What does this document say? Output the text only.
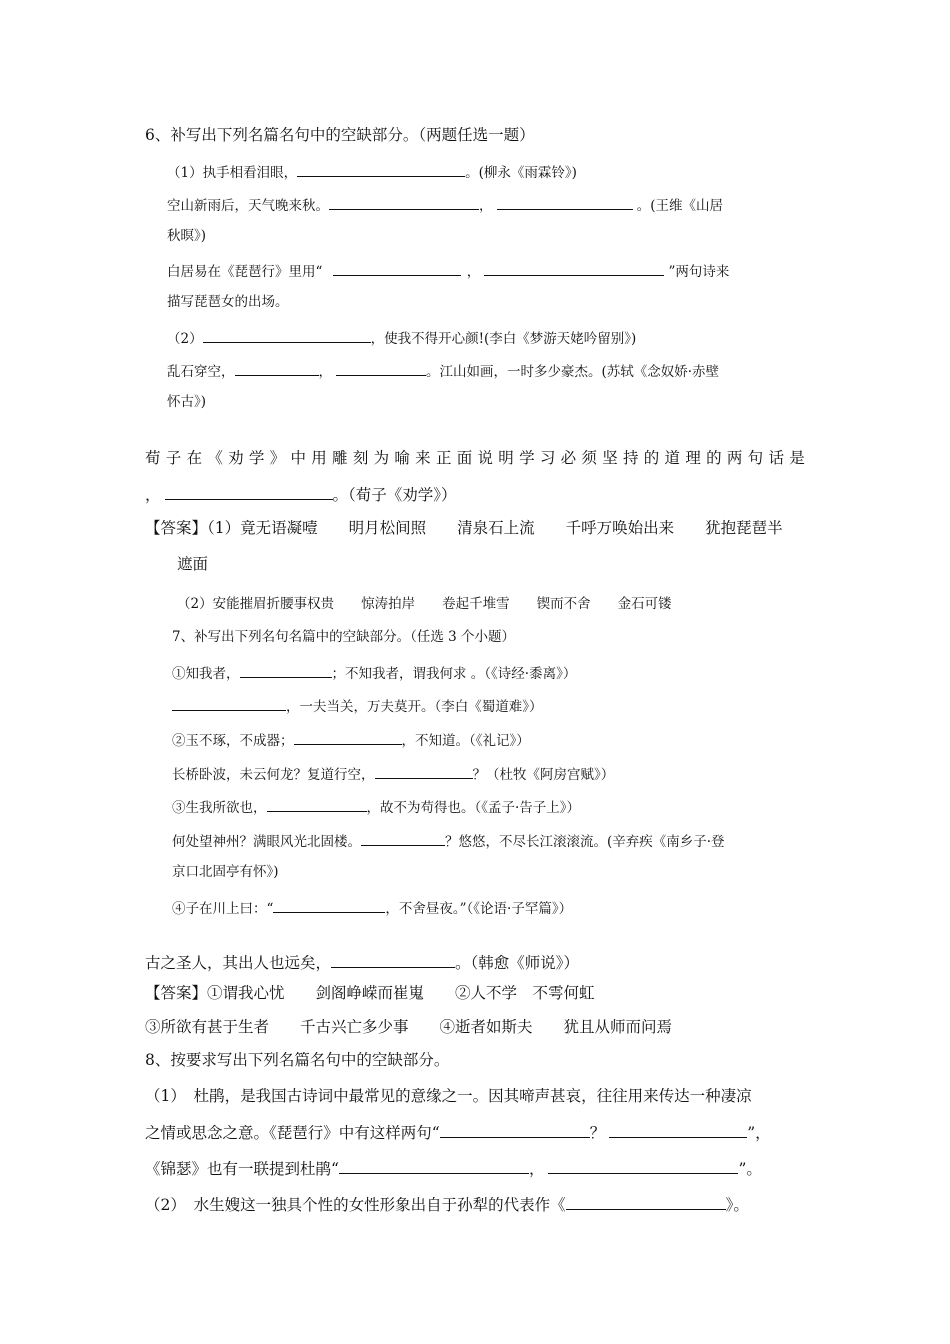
6、补写出下列名篇名句中的空缺部分。（两题任选一题）
（1）执手相看泪眼，	。(柳永《雨霖铃》)
空山新雨后，天气晚来秋。	，	。(王维《山居
秋暝》)
白居易在《琵琶行》里用“	，	”两句诗来
描写琵琶女的出场。
（2）	，使我不得开心颜!(李白《梦游天姥吟留别》)
乱石穿空，	，	。江山如画，一时多少豪杰。(苏轼《念奴娇·赤壁
怀古》)
荀 子 在 《 劝 学 》 中 用 雕 刻 为 喻 来 正 面 说 明 学 习 必 须 坚 持 的 道 理 的 两 句 话 是
，	。（荀子《劝学》）
【答案】（1）竟无语凝噎　　明月松间照　　清泉石上流　　千呼万唤始出来　　犹抱琵琶半
遮面
（2）安能摧眉折腰事权贵　　惊涛拍岸　　卷起千堆雪　　锲而不舍　　金石可镂
7、补写出下列名句名篇中的空缺部分。（任选 3 个小题）
①知我者，	；不知我者，谓我何求 。（《诗经·黍离》）
，一夫当关，万夫莫开。（李白《蜀道难》）
②玉不琢，不成器；	，不知道。（《礼记》）
长桥卧波，未云何龙？复道行空，	？（杜牧《阿房宫赋》）
③生我所欲也，	，故不为苟得也。（《孟子·告子上》）
何处望神州？满眼风光北固楼。	？悠悠，不尽长江滚滚流。(辛弃疾《南乡子·登
京口北固亭有怀》)
④子在川上曰：“	，不舍昼夜。”（《论语·子罕篇》）
古之圣人，其出人也远矣，	。（韩愈《师说》）
【答案】①谓我心忧　　剑阁峥嵘而崔嵬　　②人不学　不雩何虹
③所欲有甚于生者　　千古兴亡多少事　　④逝者如斯夫　　犹且从师而问焉
8、按要求写出下列名篇名句中的空缺部分。
（1）　杜鹃，是我国古诗词中最常见的意缘之一。因其啼声甚哀，往往用来传达一种凄凉
之情或思念之意。《琵琶行》中有这样两句“	？	”，
《锦瑟》也有一联提到杜鹃“	，	”。
（2）　水生嫂这一独具个性的女性形象出自于孙犁的代表作《	》。
